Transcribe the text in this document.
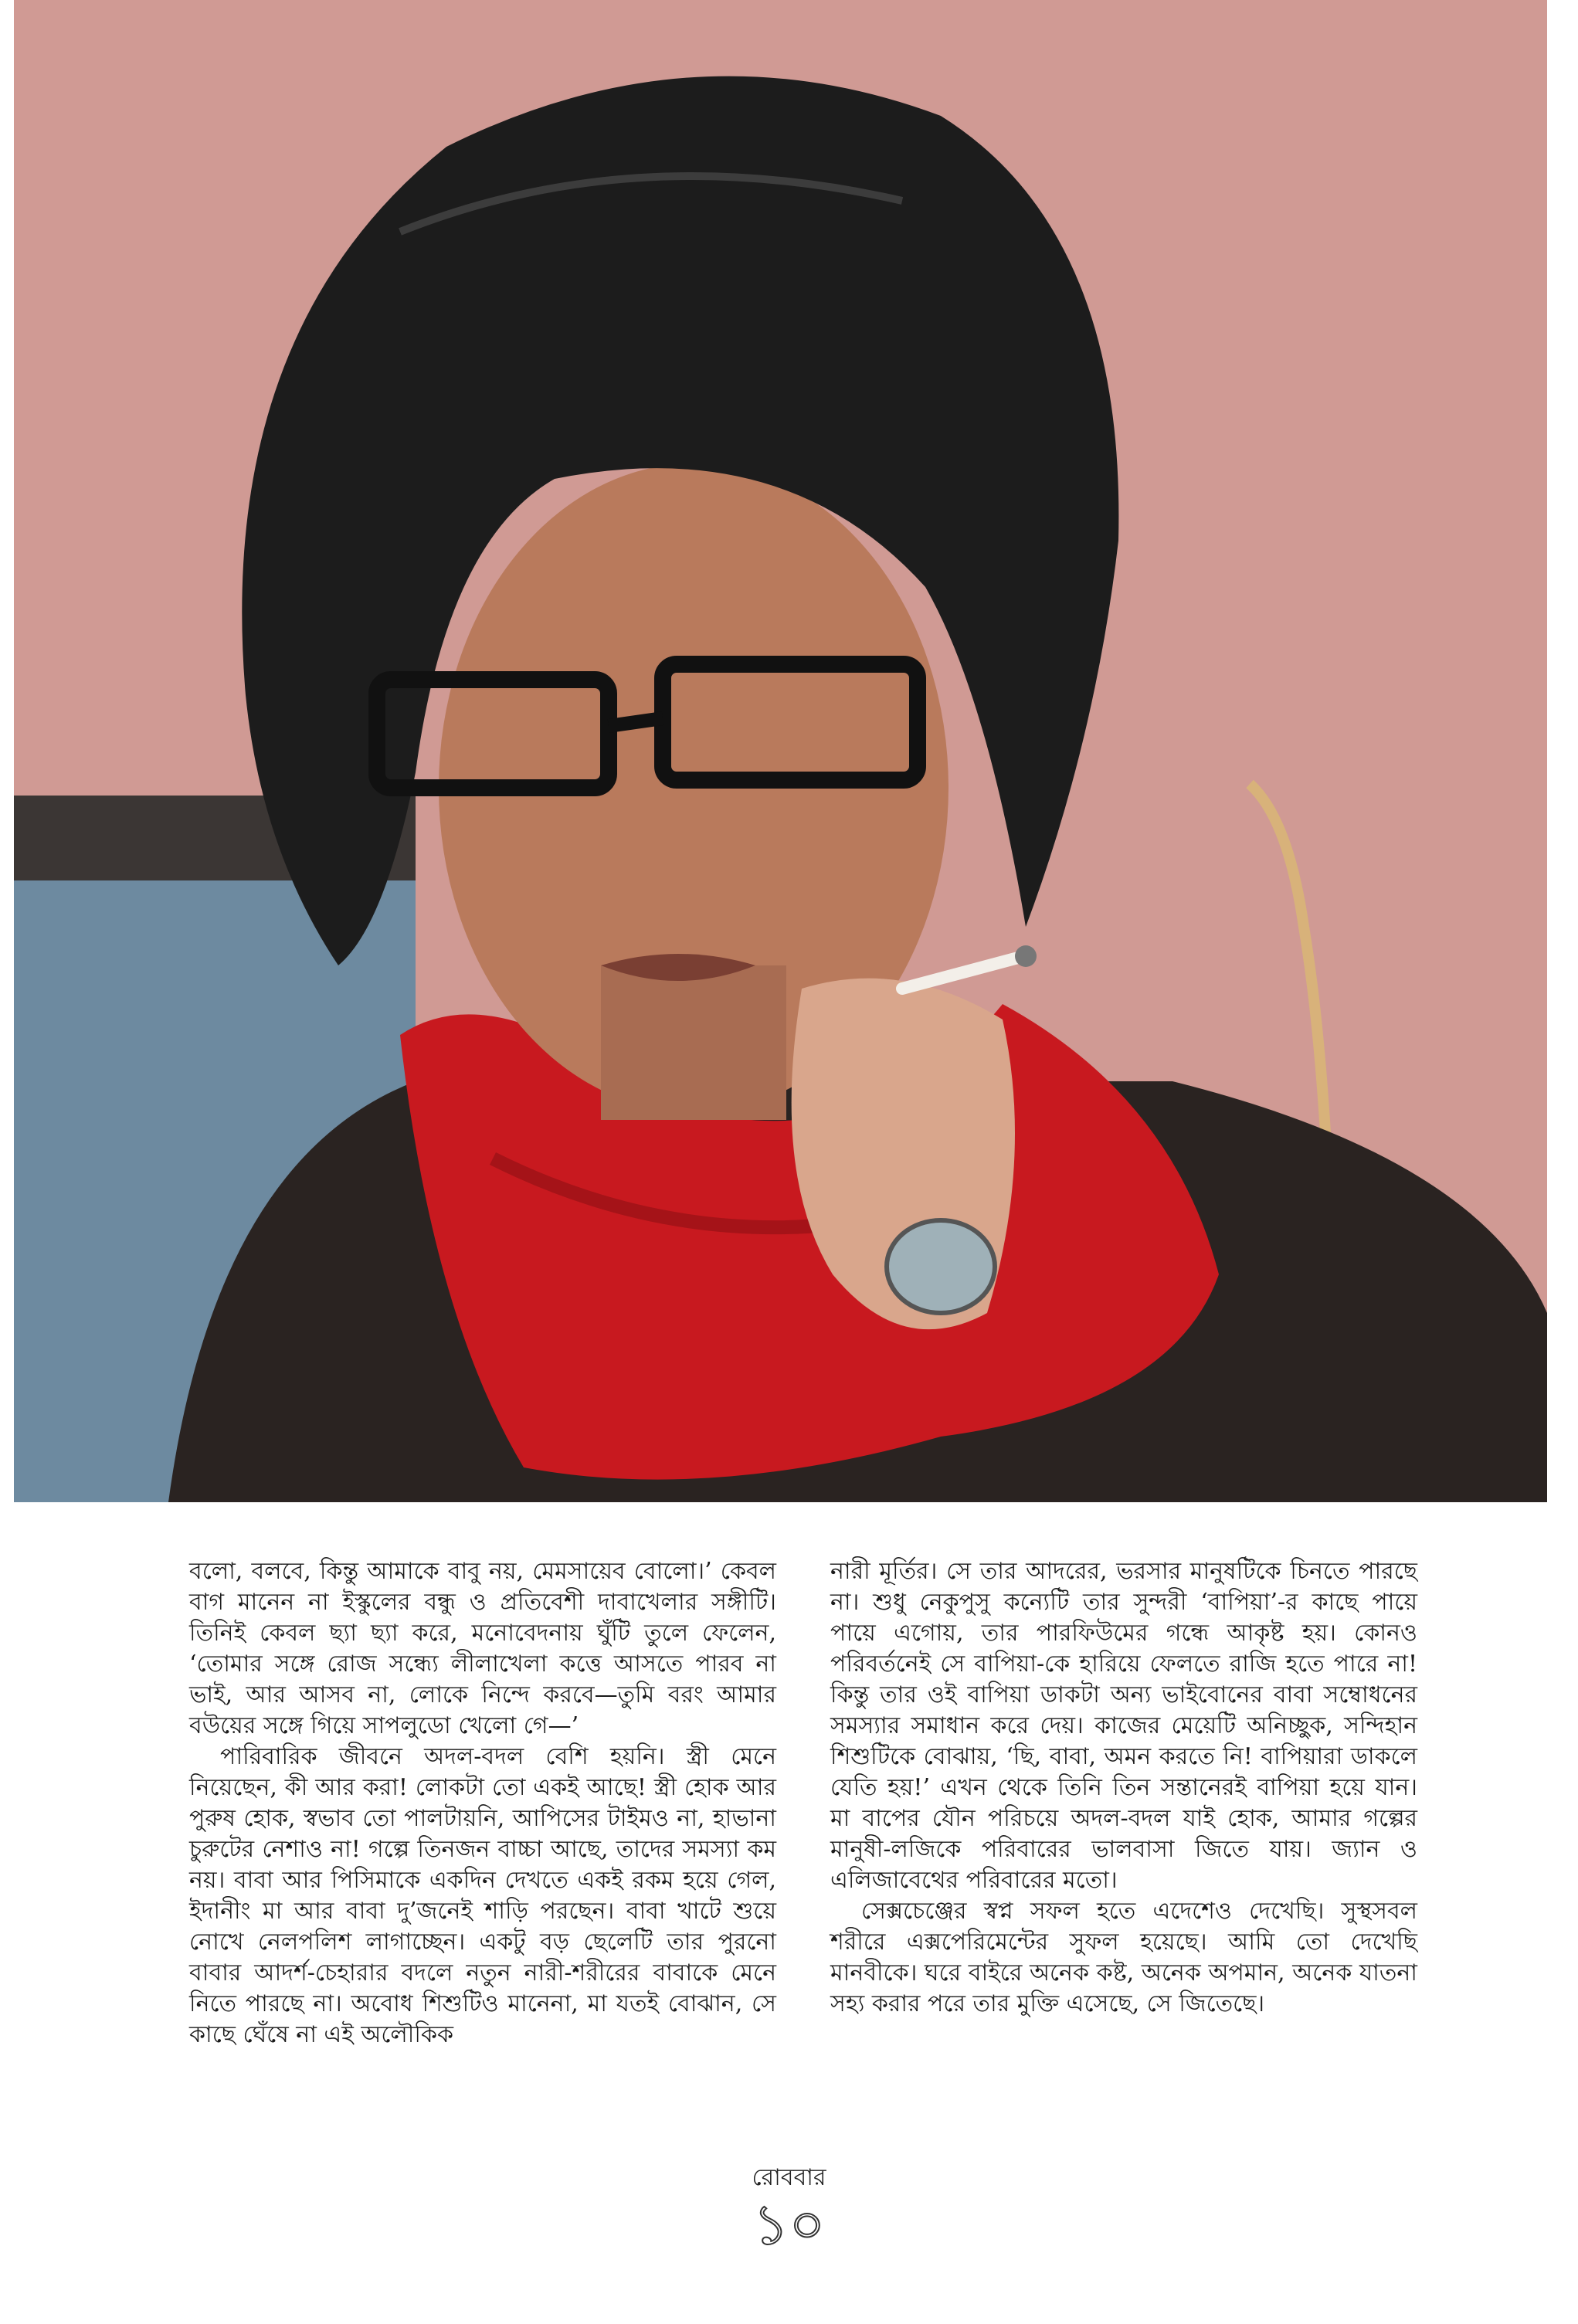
বলো, বলবে, কিন্তু আমাকে বাবু নয়, মেমসায়েব বোলো।’ কেবল বাগ মানেন না ইস্কুলের বন্ধু ও প্রতিবেশী দাবাখেলার সঙ্গীটি। তিনিই কেবল ছ্যা ছ্যা করে, মনোবেদনায় ঘুঁটি তুলে ফেলেন, ‘তোমার সঙ্গে রোজ সন্ধ্যে লীলাখেলা কত্তে আসতে পারব না ভাই, আর আসব না, লোকে নিন্দে করবে—তুমি বরং আমার বউয়ের সঙ্গে গিয়ে সাপলুডো খেলো গে—’

পারিবারিক জীবনে অদল-বদল বেশি হয়নি। স্ত্রী মেনে নিয়েছেন, কী আর করা! লোকটা তো একই আছে! স্ত্রী হোক আর পুরুষ হোক, স্বভাব তো পালটায়নি, আপিসের টাইমও না, হাভানা চুরুটের নেশাও না! গল্পে তিনজন বাচ্চা আছে, তাদের সমস্যা কম নয়। বাবা আর পিসিমাকে একদিন দেখতে একই রকম হয়ে গেল, ইদানীং মা আর বাবা দু’জনেই শাড়ি পরছেন। বাবা খাটে শুয়ে নোখে নেলপলিশ লাগাচ্ছেন। একটু বড় ছেলেটি তার পুরনো বাবার আদর্শ-চেহারার বদলে নতুন নারী-শরীরের বাবাকে মেনে নিতে পারছে না। অবোধ শিশুটিও মানেনা, মা যতই বোঝান, সে কাছে ঘেঁষে না এই অলৌকিক

নারী মূর্তির। সে তার আদরের, ভরসার মানুষটিকে চিনতে পারছে না। শুধু নেকুপুসু কন্যেটি তার সুন্দরী ‘বাপিয়া’-র কাছে পায়ে পায়ে এগোয়, তার পারফিউমের গন্ধে আকৃষ্ট হয়। কোনও পরিবর্তনেই সে বাপিয়া-কে হারিয়ে ফেলতে রাজি হতে পারে না! কিন্তু তার ওই বাপিয়া ডাকটা অন্য ভাইবোনের বাবা সম্বোধনের সমস্যার সমাধান করে দেয়। কাজের মেয়েটি অনিচ্ছুক, সন্দিহান শিশুটিকে বোঝায়, ‘ছি, বাবা, অমন করতে নি! বাপিয়ারা ডাকলে যেতি হয়!’ এখন থেকে তিনি তিন সন্তানেরই বাপিয়া হয়ে যান। মা বাপের যৌন পরিচয়ে অদল-বদল যাই হোক, আমার গল্পের মানুষী-লজিকে পরিবারের ভালবাসা জিতে যায়। জ্যান ও এলিজাবেথের পরিবারের মতো।

সেক্সচেঞ্জের স্বপ্ন সফল হতে এদেশেও দেখেছি। সুস্থসবল শরীরে এক্সপেরিমেন্টের সুফল হয়েছে। আমি তো দেখেছি মানবীকে। ঘরে বাইরে অনেক কষ্ট, অনেক অপমান, অনেক যাতনা সহ্য করার পরে তার মুক্তি এসেছে, সে জিতেছে।

রোববার
১০
